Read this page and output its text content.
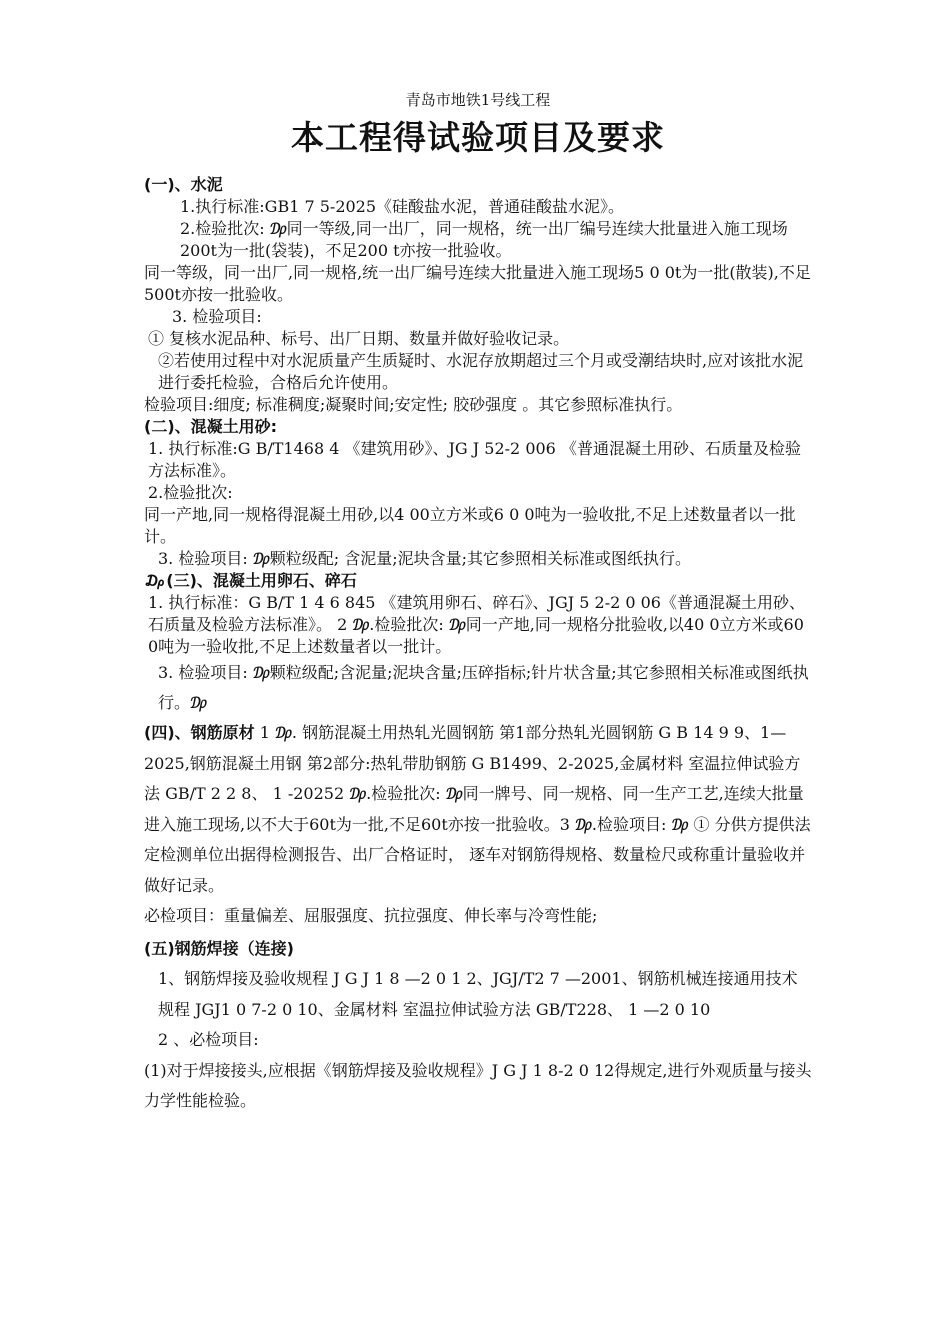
青岛市地铁1号线工程

本工程得试验项目及要求
(一)、水泥

1.执行标准:GB1 7 5-2025《硅酸盐水泥，普通硅酸盐水泥》。

2.检验批次: ₯同一等级,同一出厂，同一规格，统一出厂编号连续大批量进入施工现场200t为一批(袋装)，不足200 t亦按一批验收。

同一等级，同一出厂,同一规格,统一出厂编号连续大批量进入施工现场5 0 0t为一批(散装),不足500t亦按一批验收。

3. 检验项目:

① 复核水泥品种、标号、出厂日期、数量并做好验收记录。

②若使用过程中对水泥质量产生质疑时、水泥存放期超过三个月或受潮结块时,应对该批水泥进行委托检验，合格后允许使用。

检验项目:细度; 标准稠度;凝聚时间;安定性; 胶砂强度 。其它参照标准执行。

(二)、混凝土用砂:

1. 执行标准:G B/T1468 4 《建筑用砂》、JG J 52-2 006 《普通混凝土用砂、石质量及检验方法标准》。

2.检验批次:

同一产地,同一规格得混凝土用砂,以4 00立方米或6 0 0吨为一验收批,不足上述数量者以一批计。

3. 检验项目: ₯颗粒级配; 含泥量;泥块含量;其它参照相关标准或图纸执行。

₯(三)、混凝土用卵石、碎石

1. 执行标准：G B/T 1 4 6 845 《建筑用卵石、碎石》、JGJ 5 2-2 0 06《普通混凝土用砂、石质量及检验方法标准》。 2 ₯.检验批次: ₯同一产地,同一规格分批验收,以40 0立方米或60 0吨为一验收批,不足上述数量者以一批计。

3. 检验项目: ₯颗粒级配;含泥量;泥块含量;压碎指标;针片状含量;其它参照相关标准或图纸执行。₯

(四)、钢筋原材 1 ₯. 钢筋混凝土用热轧光圆钢筋 第1部分热轧光圆钢筋 G B 14 9 9、1—2025,钢筋混凝土用钢 第2部分:热轧带肋钢筋 G B1499、2-2025,金属材料 室温拉伸试验方法 GB/T 2 2 8、 1 -20252 ₯.检验批次: ₯同一牌号、同一规格、同一生产工艺,连续大批量进入施工现场,以不大于60t为一批,不足60t亦按一批验收。3 ₯.检验项目: ₯ ① 分供方提供法定检测单位出据得检测报告、出厂合格证时， 逐车对钢筋得规格、数量检尺或称重计量验收并做好记录。

必检项目：重量偏差、屈服强度、抗拉强度、伸长率与冷弯性能;

(五)钢筋焊接（连接)

1、钢筋焊接及验收规程 J G J 1 8 —2 0 1 2、JGJ/T2 7 —2001、钢筋机械连接通用技术规程 JGJ1 0 7-2 0 10、金属材料 室温拉伸试验方法 GB/T228、 1 —2 0 10

2 、必检项目:

(1)对于焊接接头,应根据《钢筋焊接及验收规程》J G J 1 8-2 0 12得规定,进行外观质量与接头力学性能检验。
